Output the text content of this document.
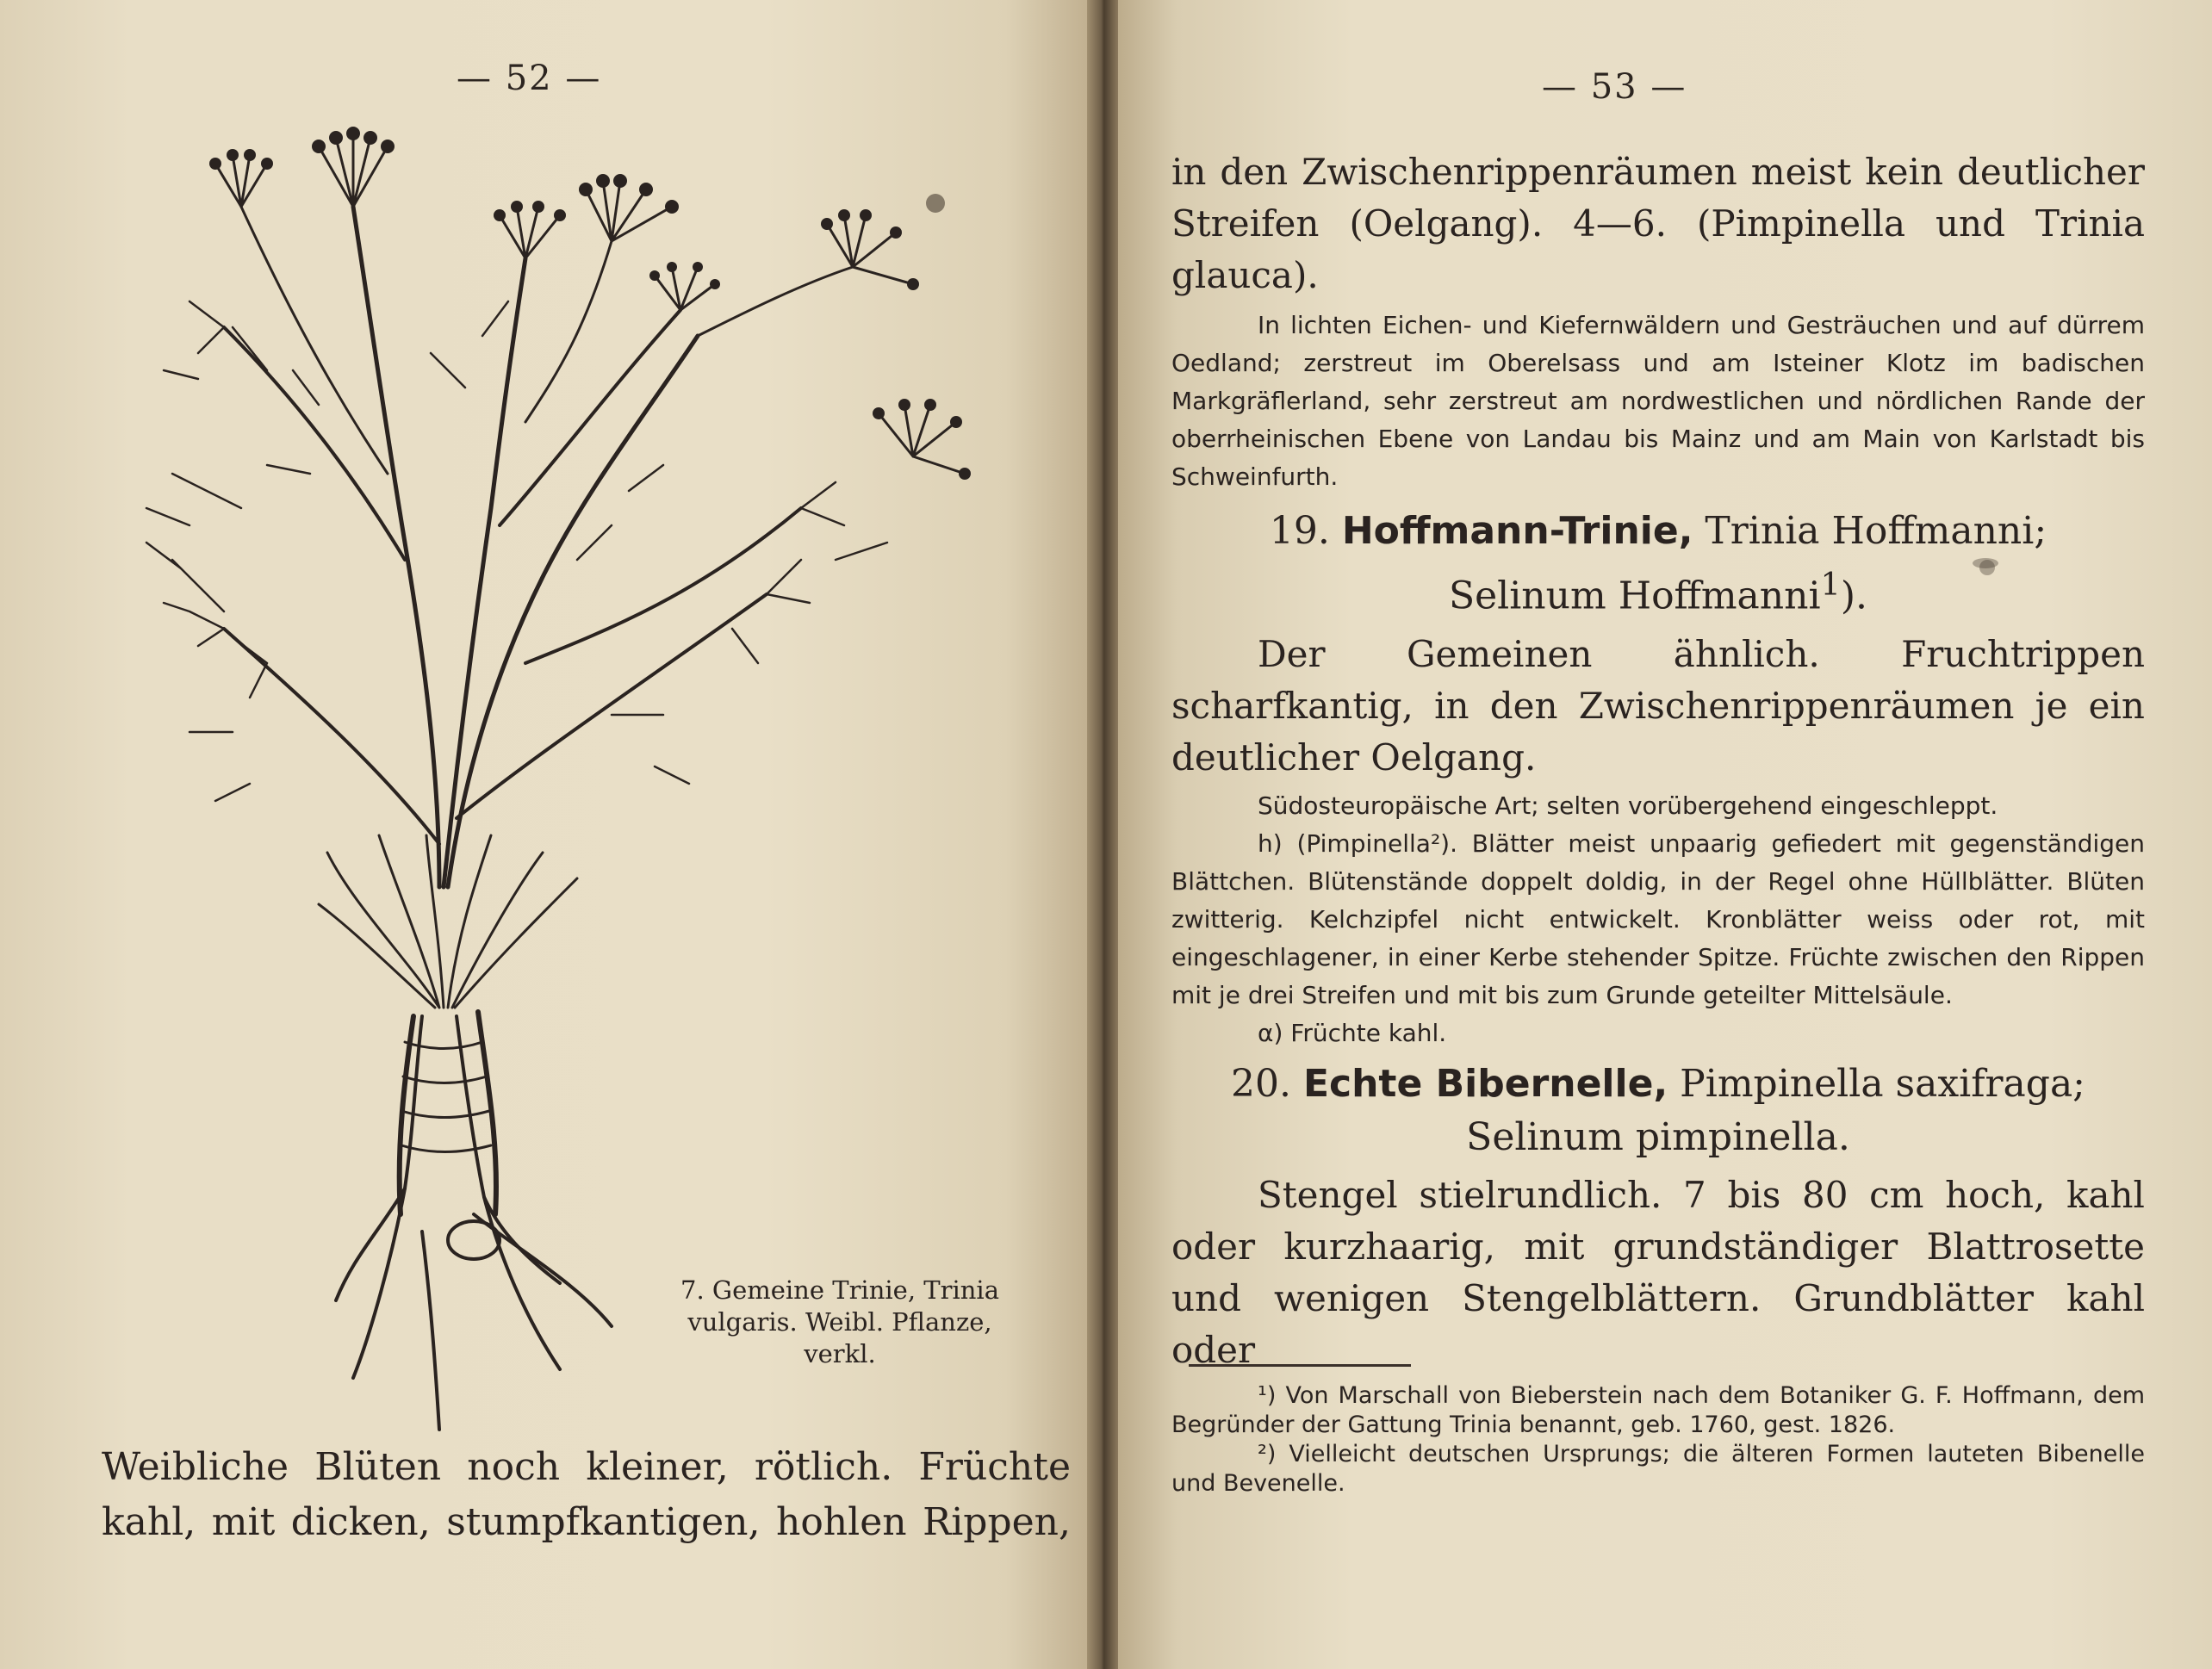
— 52 —
7. Gemeine Trinie, Trinia
vulgaris. Weibl. Pflanze,
verkl.

Weibliche Blüten noch kleiner, rötlich. Früchte

kahl, mit dicken, stumpfkantigen, hohlen Rippen,

— 53 —

in den Zwischenrippenräumen meist kein deutlicher Streifen (Oelgang). 4—6. (Pimpinella und Trinia glauca).

In lichten Eichen- und Kiefernwäldern und Gesträuchen und auf dürrem Oedland; zerstreut im Oberelsass und am Isteiner Klotz im badischen Markgräflerland, sehr zerstreut am nordwestlichen und nördlichen Rande der oberrheinischen Ebene von Landau bis Mainz und am Main von Karlstadt bis Schweinfurth.

19. Hoffmann-Trinie, Trinia Hoffmanni;
Selinum Hoffmanni$^1$).

Der Gemeinen ähnlich. Fruchtrippen scharfkantig, in den Zwischenrippenräumen je ein deutlicher Oelgang.

Südosteuropäische Art; selten vorübergehend eingeschleppt.

h) (Pimpinella²). Blätter meist unpaarig gefiedert mit gegenständigen Blättchen. Blütenstände doppelt doldig, in der Regel ohne Hüllblätter. Blüten zwitterig. Kelchzipfel nicht entwickelt. Kronblätter weiss oder rot, mit eingeschlagener, in einer Kerbe stehender Spitze. Früchte zwischen den Rippen mit je drei Streifen und mit bis zum Grunde geteilter Mittelsäule.

α) Früchte kahl.

20. Echte Bibernelle, Pimpinella saxifraga;
Selinum pimpinella.

Stengel stielrundlich. 7 bis 80 cm hoch, kahl oder kurzhaarig, mit grundständiger Blattrosette und wenigen Stengelblättern. Grundblätter kahl oder

¹) Von Marschall von Bieberstein nach dem Botaniker G. F. Hoffmann, dem Begründer der Gattung Trinia benannt, geb. 1760, gest. 1826.

²) Vielleicht deutschen Ursprungs; die älteren Formen lauteten Bibenelle und Bevenelle.
